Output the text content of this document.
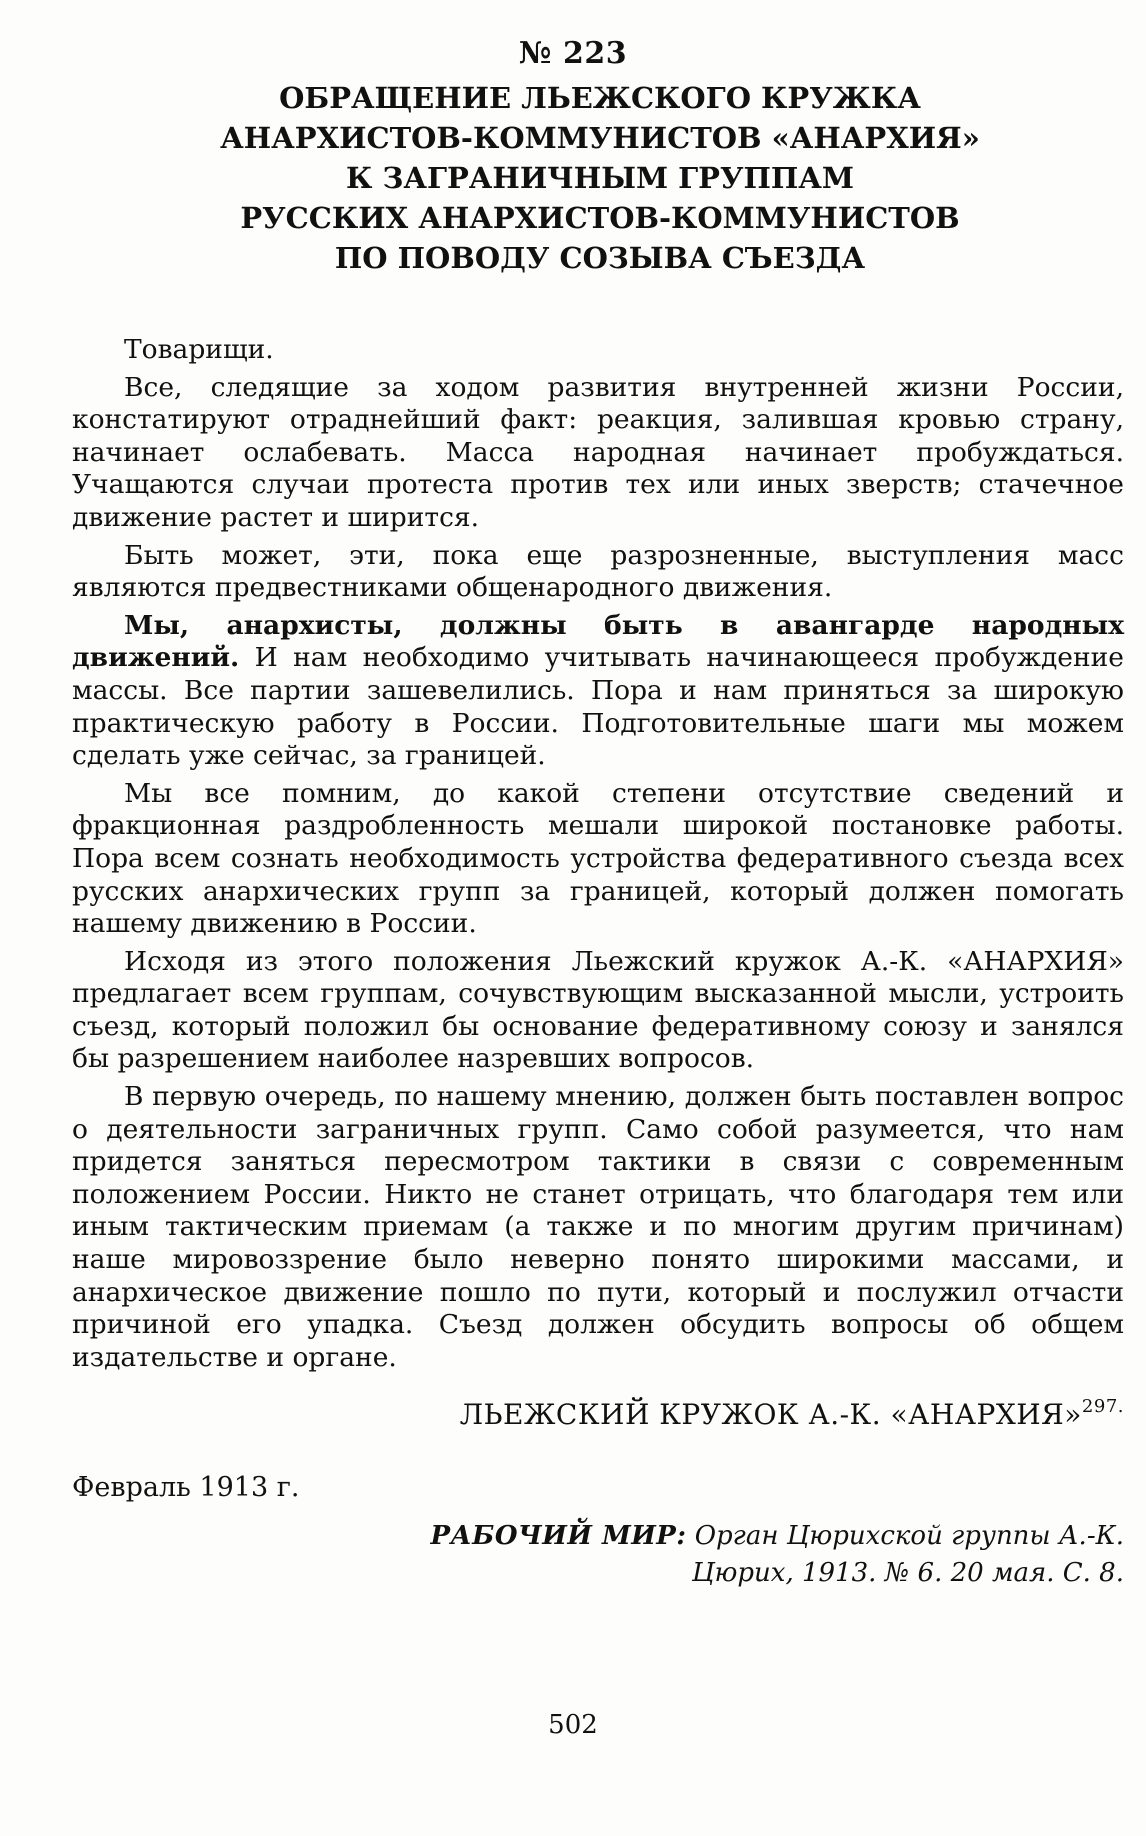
№ 223
ОБРАЩЕНИЕ ЛЬЕЖСКОГО КРУЖКА
АНАРХИСТОВ-КОММУНИСТОВ «АНАРХИЯ»
К ЗАГРАНИЧНЫМ ГРУППАМ
РУССКИХ АНАРХИСТОВ-КОММУНИСТОВ
ПО ПОВОДУ СОЗЫВА СЪЕЗДА

Товарищи.

Все, следящие за ходом развития внутренней жизни России, констатируют отраднейший факт: реакция, залившая кровью страну, начинает ослабевать. Масса народная начинает пробуждаться. Учащаются случаи протеста против тех или иных зверств; стачечное движение растет и ширится.

Быть может, эти, пока еще разрозненные, выступления масс являются предвестниками общенародного движения.

Мы, анархисты, должны быть в авангарде народных движений. И нам необходимо учитывать начинающееся пробуждение массы. Все партии зашевелились. Пора и нам приняться за широкую практическую работу в России. Подготовительные шаги мы можем сделать уже сейчас, за границей.

Мы все помним, до какой степени отсутствие сведений и фракционная раздробленность мешали широкой постановке работы. Пора всем сознать необходимость устройства федеративного съезда всех русских анархических групп за границей, который должен помогать нашему движению в России.

Исходя из этого положения Льежский кружок А.-К. «АНАРХИЯ» предлагает всем группам, сочувствующим высказанной мысли, устроить съезд, который положил бы основание федеративному союзу и занялся бы разрешением наиболее назревших вопросов.

В первую очередь, по нашему мнению, должен быть поставлен вопрос о деятельности заграничных групп. Само собой разумеется, что нам придется заняться пересмотром тактики в связи с современным положением России. Никто не станет отрицать, что благодаря тем или иным тактическим приемам (а также и по многим другим причинам) наше мировоззрение было неверно понято широкими массами, и анархическое движение пошло по пути, который и послужил отчасти причиной его упадка. Съезд должен обсудить вопросы об общем издательстве и органе.

ЛЬЕЖСКИЙ КРУЖОК А.-К. «АНАРХИЯ»$^{297.}$
Февраль 1913 г.
РАБОЧИЙ МИР: Орган Цюрихской группы А.-К.
Цюрих, 1913. № 6. 20 мая. С. 8.
502
